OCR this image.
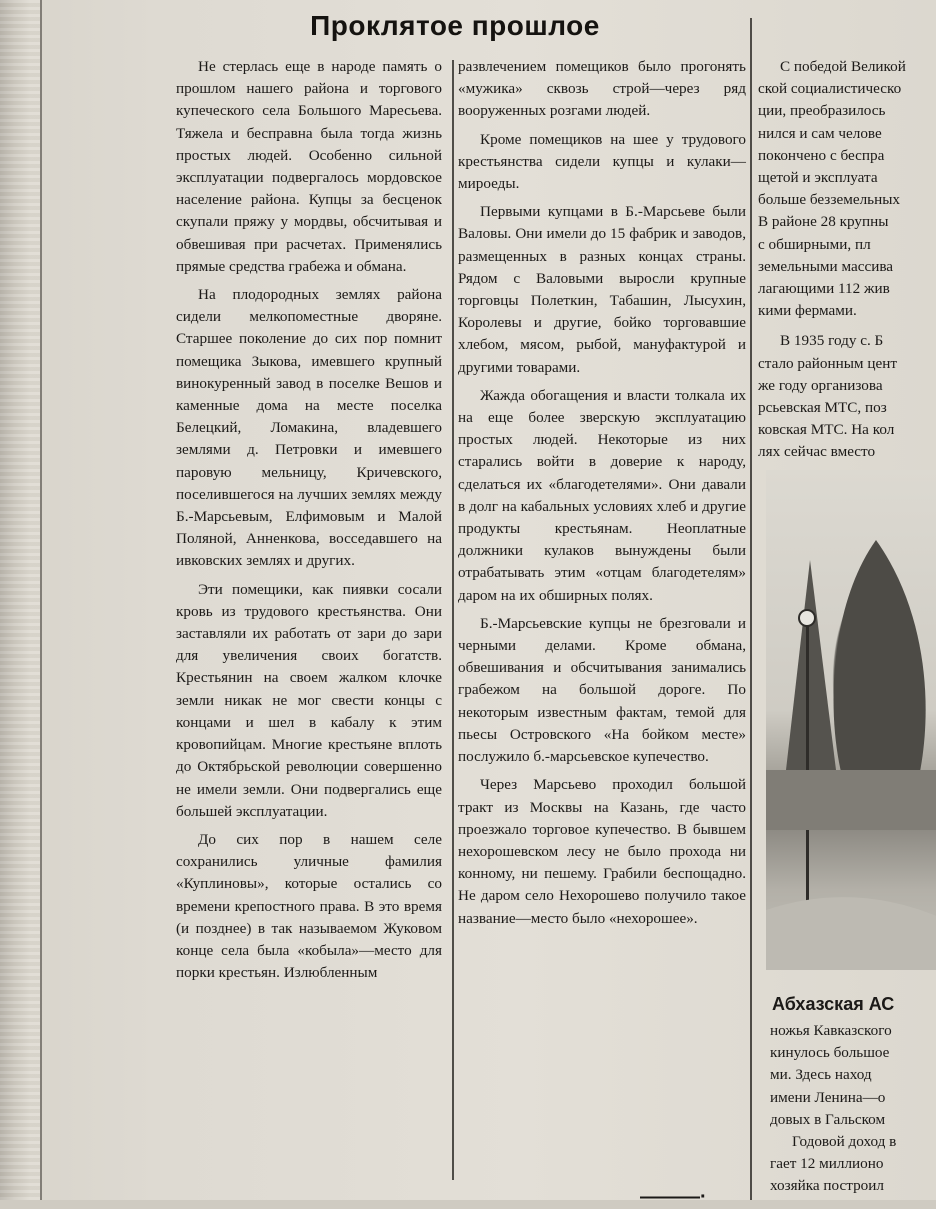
Проклятое прошлое

Не стерлась еще в народе память о прошлом нашего района и торгового купеческого села Большого Маресьева. Тяжела и бесправна была тогда жизнь простых людей. Особенно сильной эксплуатации подвергалось мордовское население района. Купцы за бесценок скупали пряжу у мордвы, обсчитывая и обвешивая при расчетах. Применялись прямые средства грабежа и обмана.

На плодородных землях района сидели мелкопоместные дворяне. Старшее поколение до сих пор помнит помещика Зыкова, имевшего крупный винокуренный завод в поселке Вешов и каменные дома на месте поселка Белецкий, Ломакина, владевшего землями д. Петровки и имевшего паровую мельницу, Кричевского, поселившегося на лучших землях между Б.-Марсьевым, Елфимовым и Малой Поляной, Анненкова, восседавшего на ивковских землях и других.

Эти помещики, как пиявки сосали кровь из трудового крестьянства. Они заставляли их работать от зари до зари для увеличения своих богатств. Крестьянин на своем жалком клочке земли никак не мог свести концы с концами и шел в кабалу к этим кровопийцам. Многие крестьяне вплоть до Октябрьской революции совершенно не имели земли. Они подвергались еще большей эксплуатации.

До сих пор в нашем селе сохранились уличные фамилия «Куплиновы», которые остались со времени крепостного права. В это время (и позднее) в так называемом Жуковом конце села была «кобыла»—место для порки крестьян. Излюбленным

развлечением помещиков было прогонять «мужика» сквозь строй—через ряд вооруженных розгами людей.

Кроме помещиков на шее у трудового крестьянства сидели купцы и кулаки—мироеды.

Первыми купцами в Б.-Марсьеве были Валовы. Они имели до 15 фабрик и заводов, размещенных в разных концах страны. Рядом с Валовыми выросли крупные торговцы Полеткин, Табашин, Лысухин, Королевы и другие, бойко торговавшие хлебом, мясом, рыбой, мануфактурой и другими товарами.

Жажда обогащения и власти толкала их на еще более зверскую эксплуатацию простых людей. Некоторые из них старались войти в доверие к народу, сделаться их «благодетелями». Они давали в долг на кабальных условиях хлеб и другие продукты крестьянам. Неоплатные должники кулаков вынуждены были отрабатывать этим «отцам благодетелям» даром на их обширных полях.

Б.-Марсьевские купцы не брезговали и черными делами. Кроме обмана, обвешивания и обсчитывания занимались грабежом на большой дороге. По некоторым известным фактам, темой для пьесы Островского «На бойком месте» послужило б.-марсьевское купечество.

Через Марсьево проходил большой тракт из Москвы на Казань, где часто проезжало торговое купечество. В бывшем нехорошевском лесу не было прохода ни конному, ни пешему. Грабили беспощадно. Не даром село Нехорошево получило такое название—место было «нехорошее».

С победой Великой
ской социалистическо
ции, преобразилось
нился и сам челове
покончено с беспра
щетой и эксплуата
больше безземельных
В районе 28 крупны
с обширными, пл
земельными массива
лагающими 112 жив
кими фермами.
В 1935 году с. Б
стало районным цент
же году организова
рсьевская МТС, поз
ковская МТС. На кол
лях сейчас вместо
Абхазская АС
ножья Кавказского
кинулось большое
ми. Здесь наход
имени Ленина—о
довых в Гальском
Годовой доход в
гает 12 миллионо
хозяйка построил
———·
